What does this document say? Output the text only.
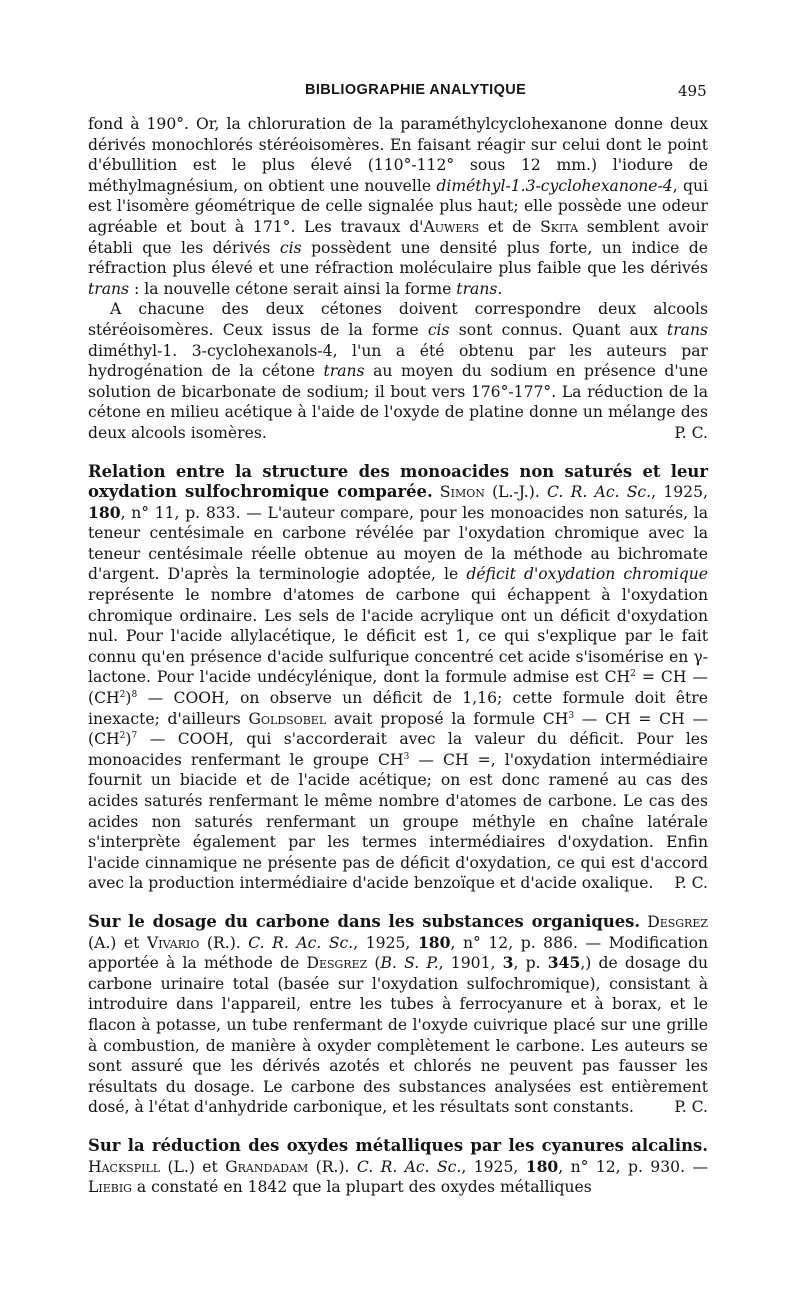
BIBLIOGRAPHIE ANALYTIQUE	495

fond à 190°. Or, la chloruration de la paraméthylcyclohexanone donne deux dérivés monochlorés stéréoisomères. En faisant réagir sur celui dont le point d'ébullition est le plus élevé (110°-112° sous 12 mm.) l'iodure de méthylmagnésium, on obtient une nouvelle diméthyl-1.3-cyclohexanone-4, qui est l'isomère géométrique de celle signalée plus haut; elle possède une odeur agréable et bout à 171°. Les travaux d'Auwers et de Skita semblent avoir établi que les dérivés cis possèdent une densité plus forte, un indice de réfraction plus élevé et une réfraction moléculaire plus faible que les dérivés trans : la nouvelle cétone serait ainsi la forme trans.

A chacune des deux cétones doivent correspondre deux alcools stéréoisomères. Ceux issus de la forme cis sont connus. Quant aux trans diméthyl-1. 3-cyclohexanols-4, l'un a été obtenu par les auteurs par hydrogénation de la cétone trans au moyen du sodium en présence d'une solution de bicarbonate de sodium; il bout vers 176°-177°. La réduction de la cétone en milieu acétique à l'aide de l'oxyde de platine donne un mélange des deux alcools isomères.	P. C.

Relation entre la structure des monoacides non saturés et leur oxydation sulfochromique comparée. Simon (L.-J.). C. R. Ac. Sc., 1925, 180, n° 11, p. 833. — L'auteur compare, pour les monoacides non saturés, la teneur centésimale en carbone révélée par l'oxydation chromique avec la teneur centésimale réelle obtenue au moyen de la méthode au bichromate d'argent. D'après la terminologie adoptée, le déficit d'oxydation chromique représente le nombre d'atomes de carbone qui échappent à l'oxydation chromique ordinaire. Les sels de l'acide acrylique ont un déficit d'oxydation nul. Pour l'acide allylacétique, le déficit est 1, ce qui s'explique par le fait connu qu'en présence d'acide sulfurique concentré cet acide s'isomérise en γ-lactone. Pour l'acide undécylénique, dont la formule admise est $CH^2$ = CH — $(CH^2)^8$ — COOH, on observe un déficit de 1,16; cette formule doit être inexacte; d'ailleurs Goldsobel avait proposé la formule $CH^3$ — CH = CH — $(CH^2)^7$ — COOH, qui s'accorderait avec la valeur du déficit. Pour les monoacides renfermant le groupe $CH^3$ — CH =, l'oxydation intermédiaire fournit un biacide et de l'acide acétique; on est donc ramené au cas des acides saturés renfermant le même nombre d'atomes de carbone. Le cas des acides non saturés renfermant un groupe méthyle en chaîne latérale s'interprète également par les termes intermédiaires d'oxydation. Enfin l'acide cinnamique ne présente pas de déficit d'oxydation, ce qui est d'accord avec la production intermédiaire d'acide benzoïque et d'acide oxalique. P. C.

Sur le dosage du carbone dans les substances organiques. Desgrez (A.) et Vivario (R.). C. R. Ac. Sc., 1925, 180, n° 12, p. 886. — Modification apportée à la méthode de Desgrez (B. S. P., 1901, 3, p. 345,) de dosage du carbone urinaire total (basée sur l'oxydation sulfochromique), consistant à introduire dans l'appareil, entre les tubes à ferrocyanure et à borax, et le flacon à potasse, un tube renfermant de l'oxyde cuivrique placé sur une grille à combustion, de manière à oxyder complètement le carbone. Les auteurs se sont assuré que les dérivés azotés et chlorés ne peuvent pas fausser les résultats du dosage. Le carbone des substances analysées est entièrement dosé, à l'état d'anhydride carbonique, et les résultats sont constants.	P. C.

Sur la réduction des oxydes métalliques par les cyanures alcalins. Hackspill (L.) et Grandadam (R.). C. R. Ac. Sc., 1925, 180, n° 12, p. 930. — Liebig a constaté en 1842 que la plupart des oxydes métalliques
